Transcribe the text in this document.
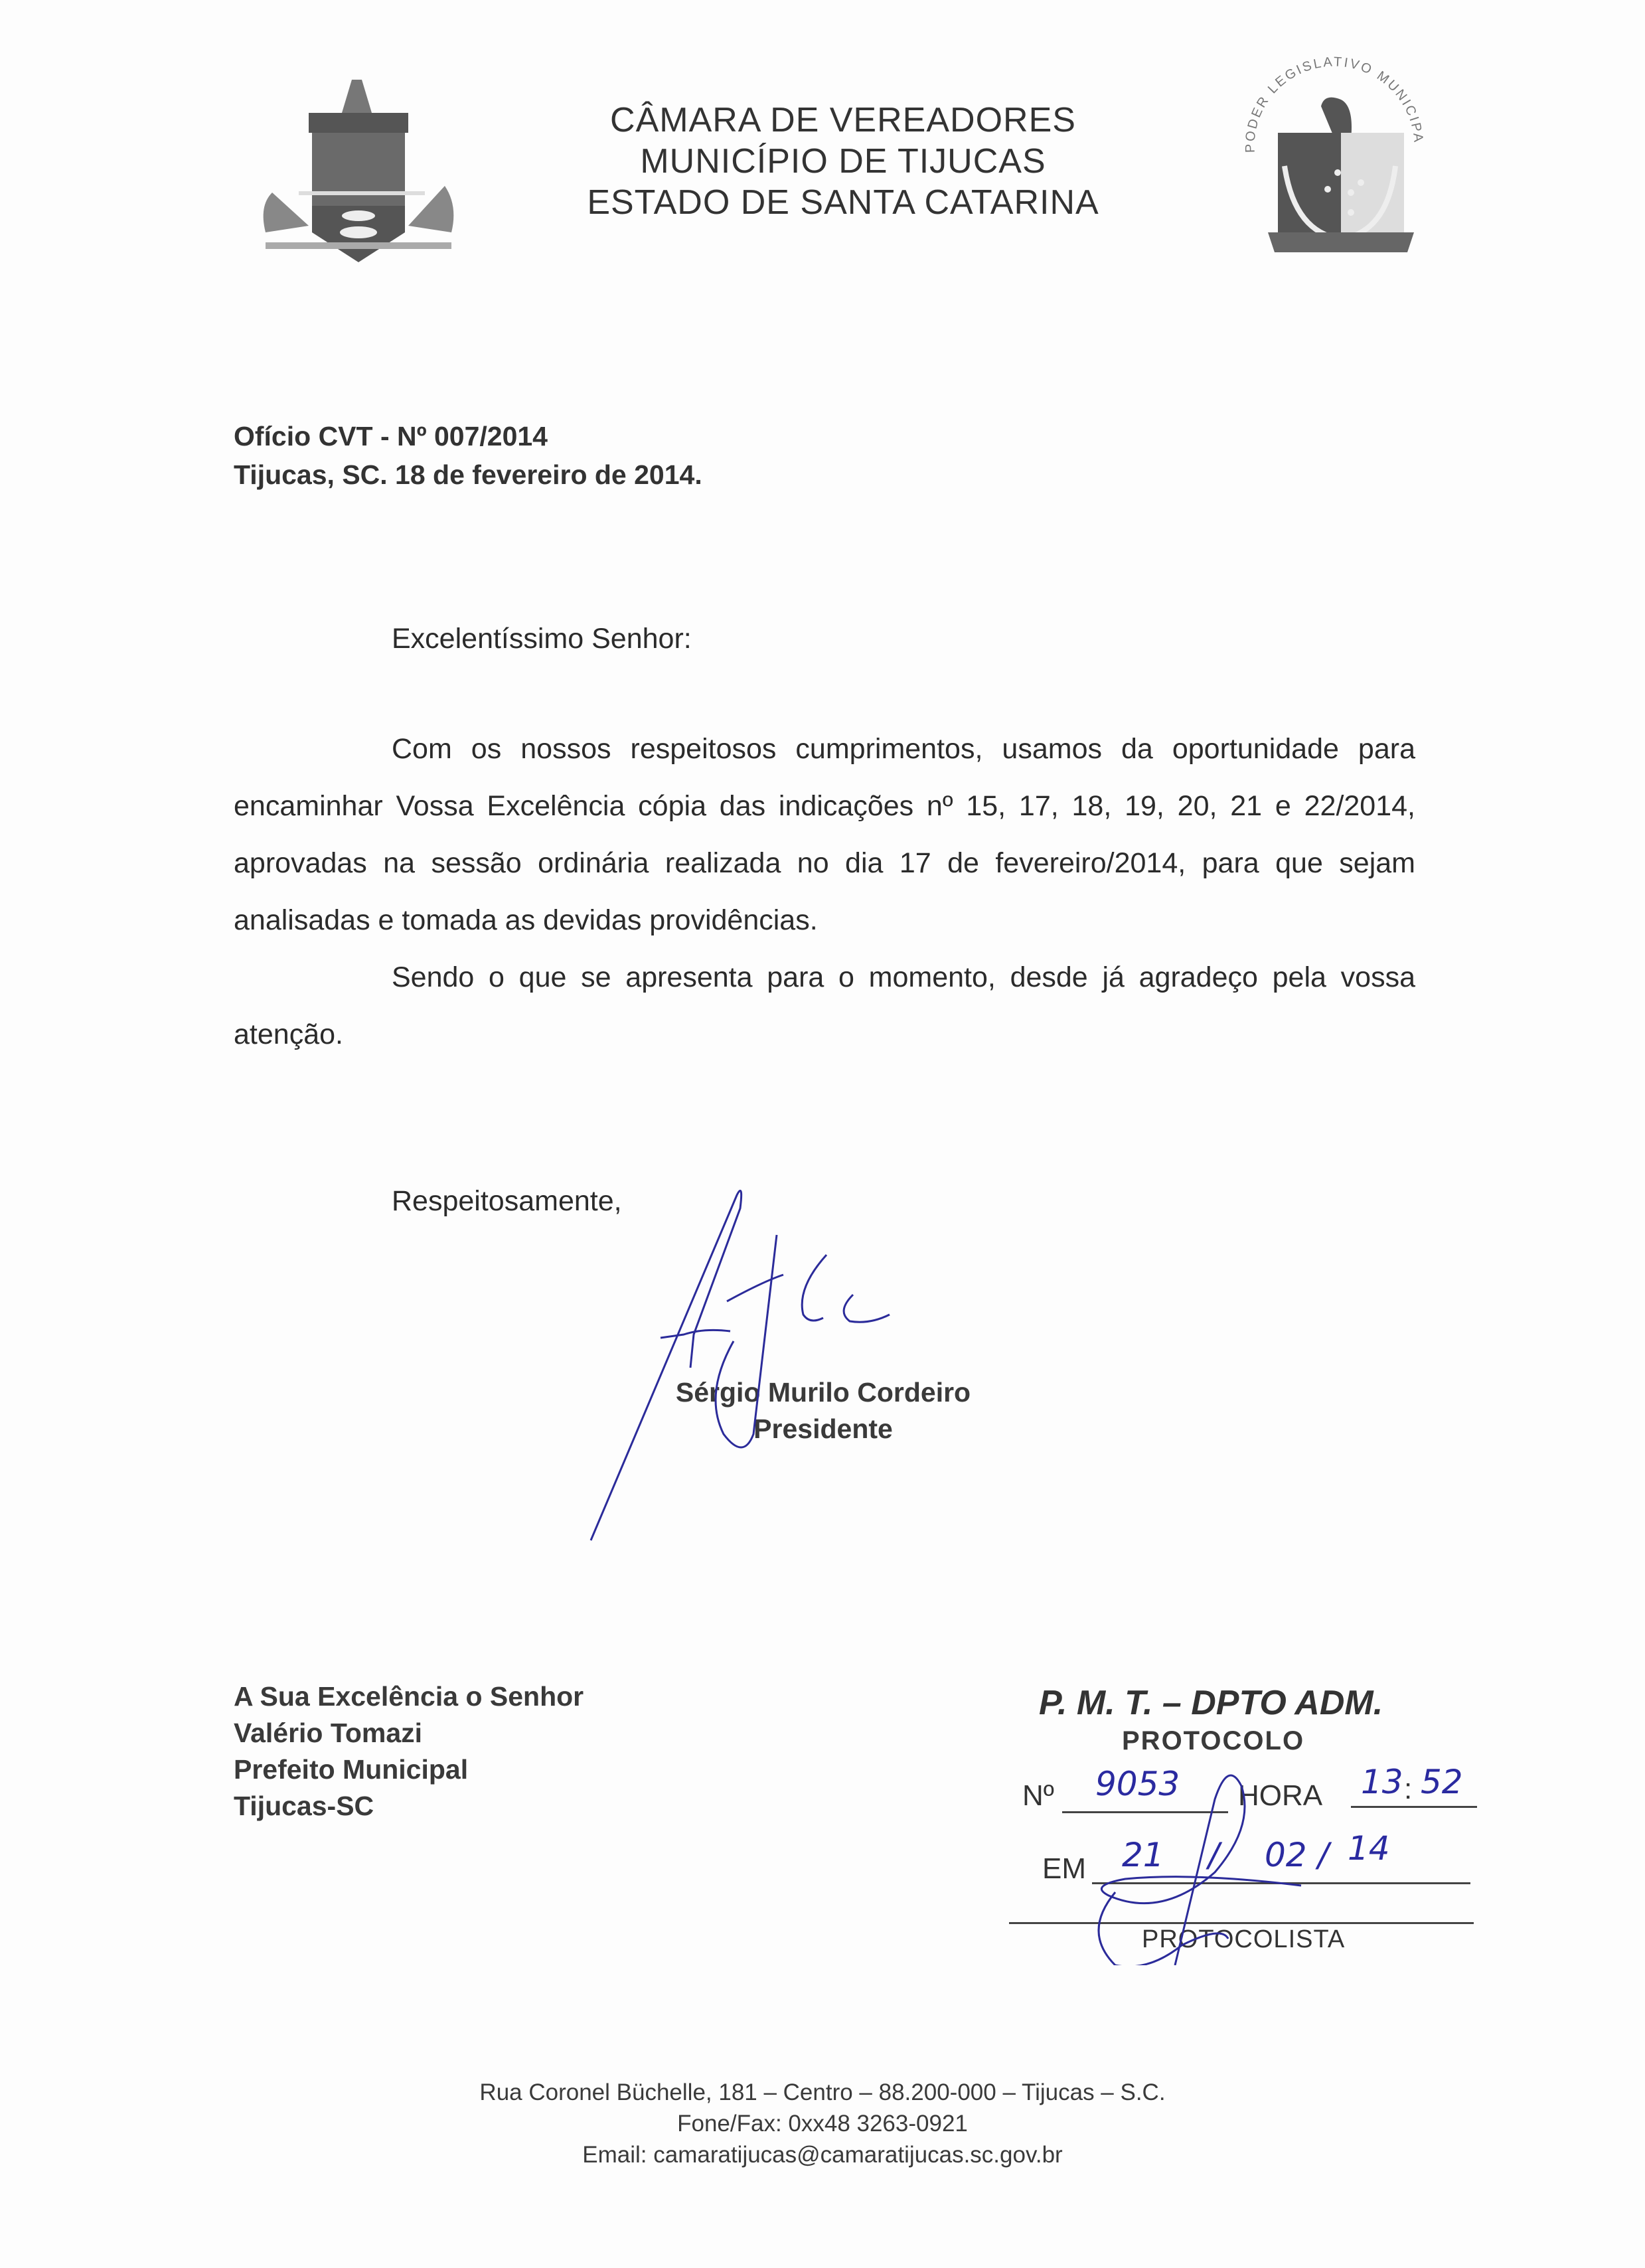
CÂMARA DE VEREADORES
MUNICÍPIO DE TIJUCAS
ESTADO DE SANTA CATARINA
PODER LEGISLATIVO MUNICIPA
Ofício CVT - Nº 007/2014
Tijucas, SC. 18 de fevereiro de 2014.
Excelentíssimo Senhor:

Com os nossos respeitosos cumprimentos, usamos da oportunidade para encaminhar Vossa Excelência cópia das indicações nº 15, 17, 18, 19, 20, 21 e 22/2014, aprovadas na sessão ordinária realizada no dia 17 de fevereiro/2014, para que sejam analisadas e tomada as devidas providências.

Sendo o que se apresenta para o momento, desde já agradeço pela vossa atenção.

Respeitosamente,
Sérgio Murilo Cordeiro
Presidente
A Sua Excelência o Senhor
Valério Tomazi
Prefeito Municipal
Tijucas-SC
P. M. T. – DPTO ADM.
PROTOCOLO
Nº 9053 HORA 13 : 52
EM 21 / 02 / 14
PROTOCOLISTA
Rua Coronel Büchelle, 181 – Centro – 88.200-000 – Tijucas – S.C.
Fone/Fax: 0xx48 3263-0921
Email: camaratijucas@camaratijucas.sc.gov.br
